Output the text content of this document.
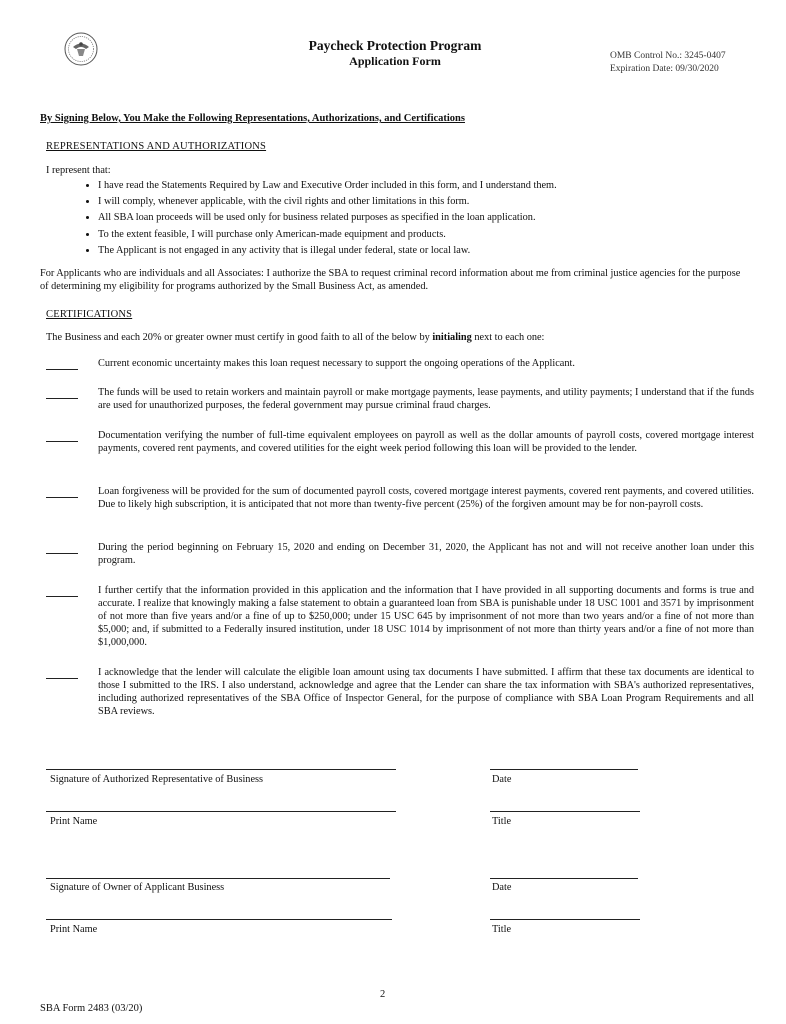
Paycheck Protection Program
Application Form	OMB Control No.: 3245-0407
Expiration Date: 09/30/2020
By Signing Below, You Make the Following Representations, Authorizations, and Certifications
REPRESENTATIONS AND AUTHORIZATIONS
I represent that:
• I have read the Statements Required by Law and Executive Order included in this form, and I understand them.
• I will comply, whenever applicable, with the civil rights and other limitations in this form.
• All SBA loan proceeds will be used only for business related purposes as specified in the loan application.
• To the extent feasible, I will purchase only American-made equipment and products.
• The Applicant is not engaged in any activity that is illegal under federal, state or local law.
For Applicants who are individuals and all Associates: I authorize the SBA to request criminal record information about me from criminal justice agencies for the purpose of determining my eligibility for programs authorized by the Small Business Act, as amended.
CERTIFICATIONS
The Business and each 20% or greater owner must certify in good faith to all of the below by initialing next to each one:
Current economic uncertainty makes this loan request necessary to support the ongoing operations of the Applicant.
The funds will be used to retain workers and maintain payroll or make mortgage payments, lease payments, and utility payments; I understand that if the funds are used for unauthorized purposes, the federal government may pursue criminal fraud charges.
Documentation verifying the number of full-time equivalent employees on payroll as well as the dollar amounts of payroll costs, covered mortgage interest payments, covered rent payments, and covered utilities for the eight week period following this loan will be provided to the lender.
Loan forgiveness will be provided for the sum of documented payroll costs, covered mortgage interest payments, covered rent payments, and covered utilities. Due to likely high subscription, it is anticipated that not more than twenty-five percent (25%) of the forgiven amount may be for non-payroll costs.
During the period beginning on February 15, 2020 and ending on December 31, 2020, the Applicant has not and will not receive another loan under this program.
I further certify that the information provided in this application and the information that I have provided in all supporting documents and forms is true and accurate. I realize that knowingly making a false statement to obtain a guaranteed loan from SBA is punishable under 18 USC 1001 and 3571 by imprisonment of not more than five years and/or a fine of up to $250,000; under 15 USC 645 by imprisonment of not more than two years and/or a fine of not more than $5,000; and, if submitted to a Federally insured institution, under 18 USC 1014 by imprisonment of not more than thirty years and/or a fine of not more than $1,000,000.
I acknowledge that the lender will calculate the eligible loan amount using tax documents I have submitted. I affirm that these tax documents are identical to those I submitted to the IRS. I also understand, acknowledge and agree that the Lender can share the tax information with SBA's authorized representatives, including authorized representatives of the SBA Office of Inspector General, for the purpose of compliance with SBA Loan Program Requirements and all SBA reviews.
Signature of Authorized Representative of Business	Date
Print Name	Title
Signature of Owner of Applicant Business	Date
Print Name	Title
2
SBA Form 2483 (03/20)
